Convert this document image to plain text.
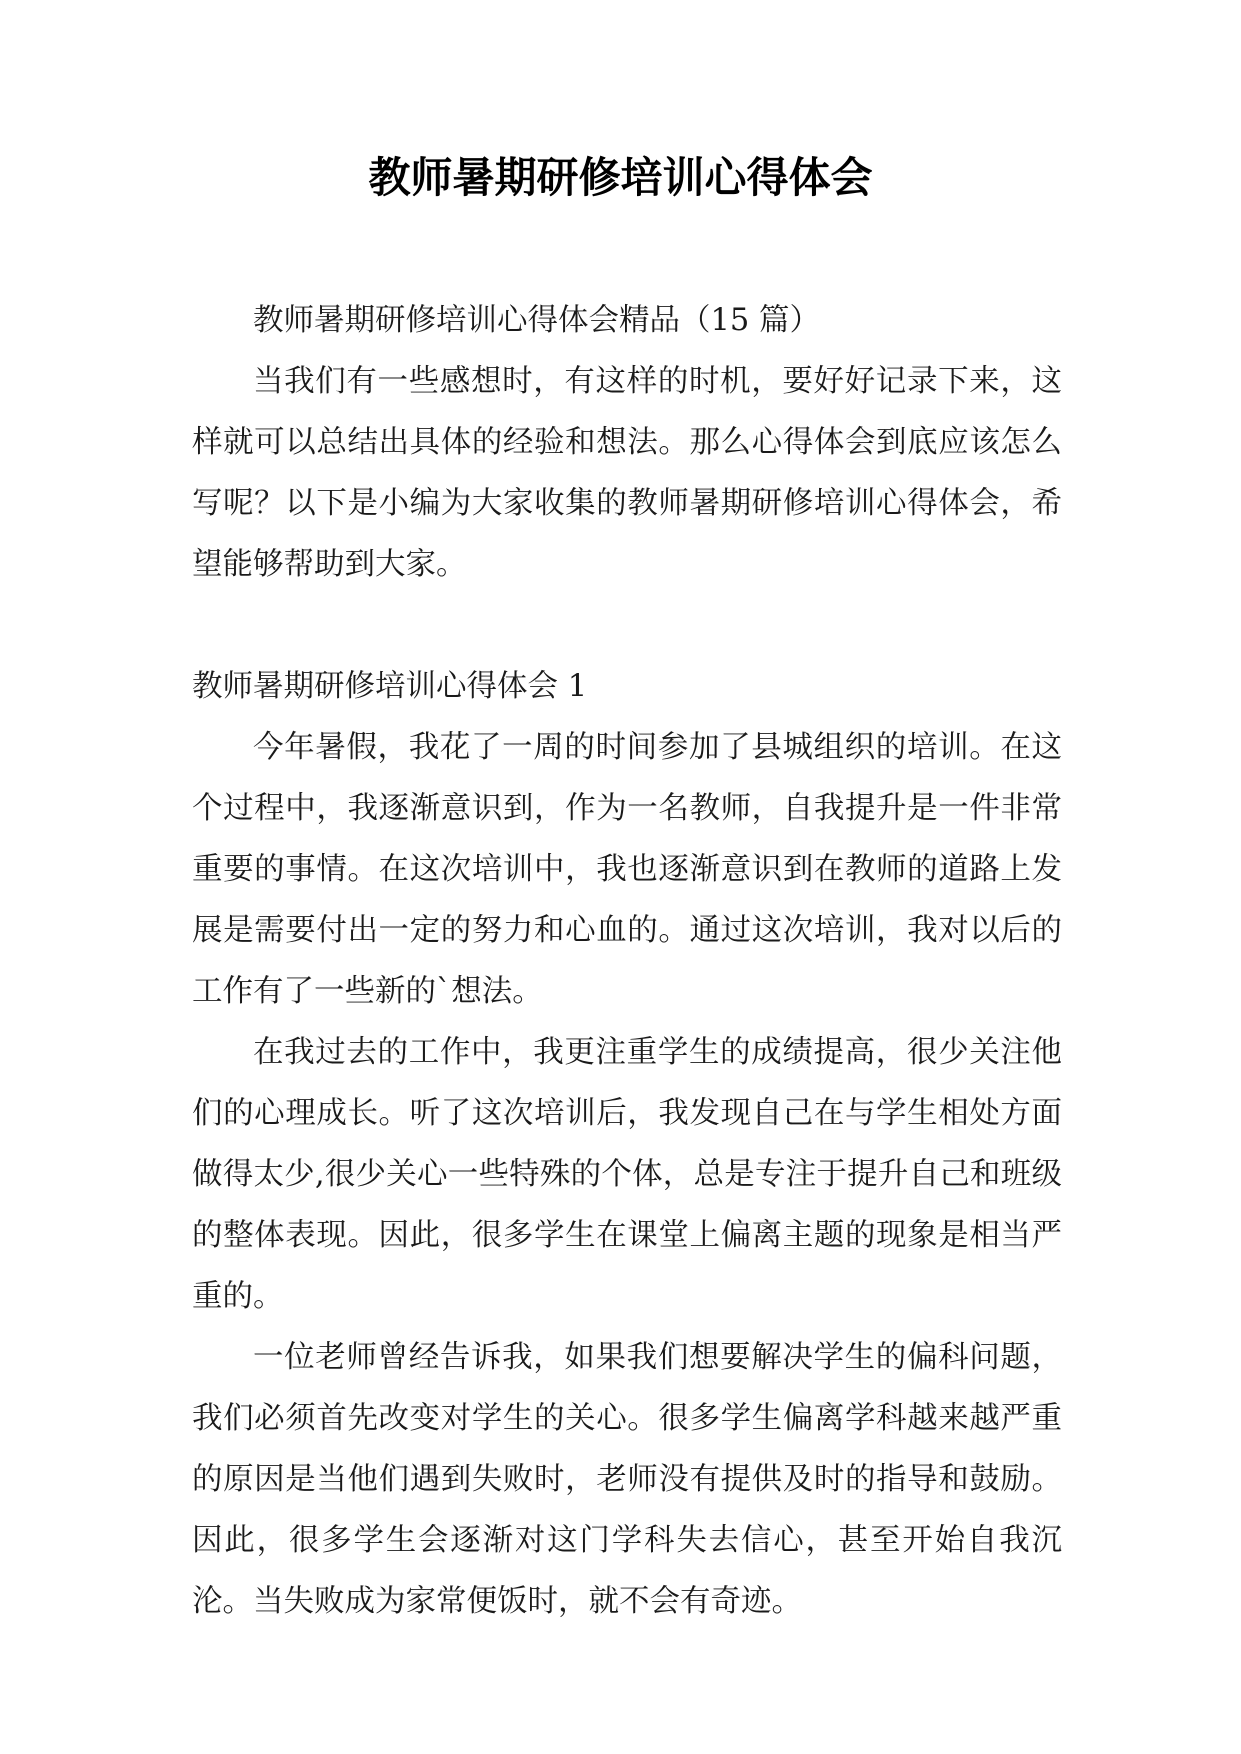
教师暑期研修培训心得体会

教师暑期研修培训心得体会精品（15 篇）

当我们有一些感想时，有这样的时机，要好好记录下来，这样就可以总结出具体的经验和想法。那么心得体会到底应该怎么写呢？以下是小编为大家收集的教师暑期研修培训心得体会，希望能够帮助到大家。

教师暑期研修培训心得体会 1

今年暑假，我花了一周的时间参加了县城组织的培训。在这个过程中，我逐渐意识到，作为一名教师，自我提升是一件非常重要的事情。在这次培训中，我也逐渐意识到在教师的道路上发展是需要付出一定的努力和心血的。通过这次培训，我对以后的工作有了一些新的`想法。

在我过去的工作中，我更注重学生的成绩提高，很少关注他们的心理成长。听了这次培训后，我发现自己在与学生相处方面做得太少,很少关心一些特殊的个体，总是专注于提升自己和班级的整体表现。因此，很多学生在课堂上偏离主题的现象是相当严重的。

一位老师曾经告诉我，如果我们想要解决学生的偏科问题，我们必须首先改变对学生的关心。很多学生偏离学科越来越严重的原因是当他们遇到失败时，老师没有提供及时的指导和鼓励。因此，很多学生会逐渐对这门学科失去信心，甚至开始自我沉沦。当失败成为家常便饭时，就不会有奇迹。
